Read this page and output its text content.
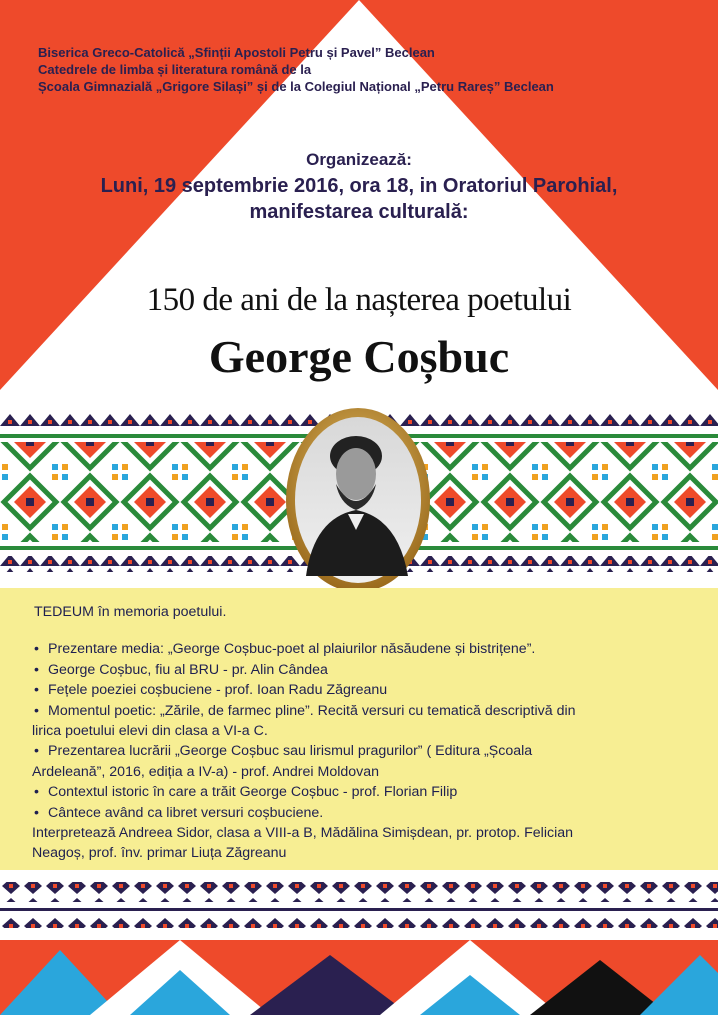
Biserica Greco-Catolică „Sfinții Apostoli Petru și Pavel” Beclean
Catedrele de limba și literatura română de la
Școala Gimnazială „Grigore Silași” și de la Colegiul Național „Petru Rareș” Beclean
Organizează:
Luni, 19 septembrie 2016, ora 18, in Oratoriul Parohial,
manifestarea culturală:
150 de ani de la nașterea poetului
George Coșbuc
TEDEUM în memoria poetului.
• Prezentare media: „George Coșbuc-poet al plaiurilor năsăudene și bistrițene”.
• George Coșbuc, fiu al BRU - pr. Alin Cândea
• Fețele poeziei coșbuciene - prof. Ioan Radu Zăgreanu
• Momentul poetic: „Zările, de farmec pline”. Recită versuri cu tematică descriptivă din
lirica poetului elevi din clasa a VI-a C.
• Prezentarea lucrării „George Coșbuc sau lirismul pragurilor” ( Editura „Școala
Ardeleană”, 2016, ediția a IV-a) - prof. Andrei Moldovan
• Contextul istoric în care a trăit George Coșbuc - prof. Florian Filip
• Cântece având ca libret versuri coșbuciene.
Interpretează Andreea Sidor, clasa a VIII-a B, Mădălina Simișdean, pr. protop. Felician
Neagoș, prof. înv. primar Liuța Zăgreanu
